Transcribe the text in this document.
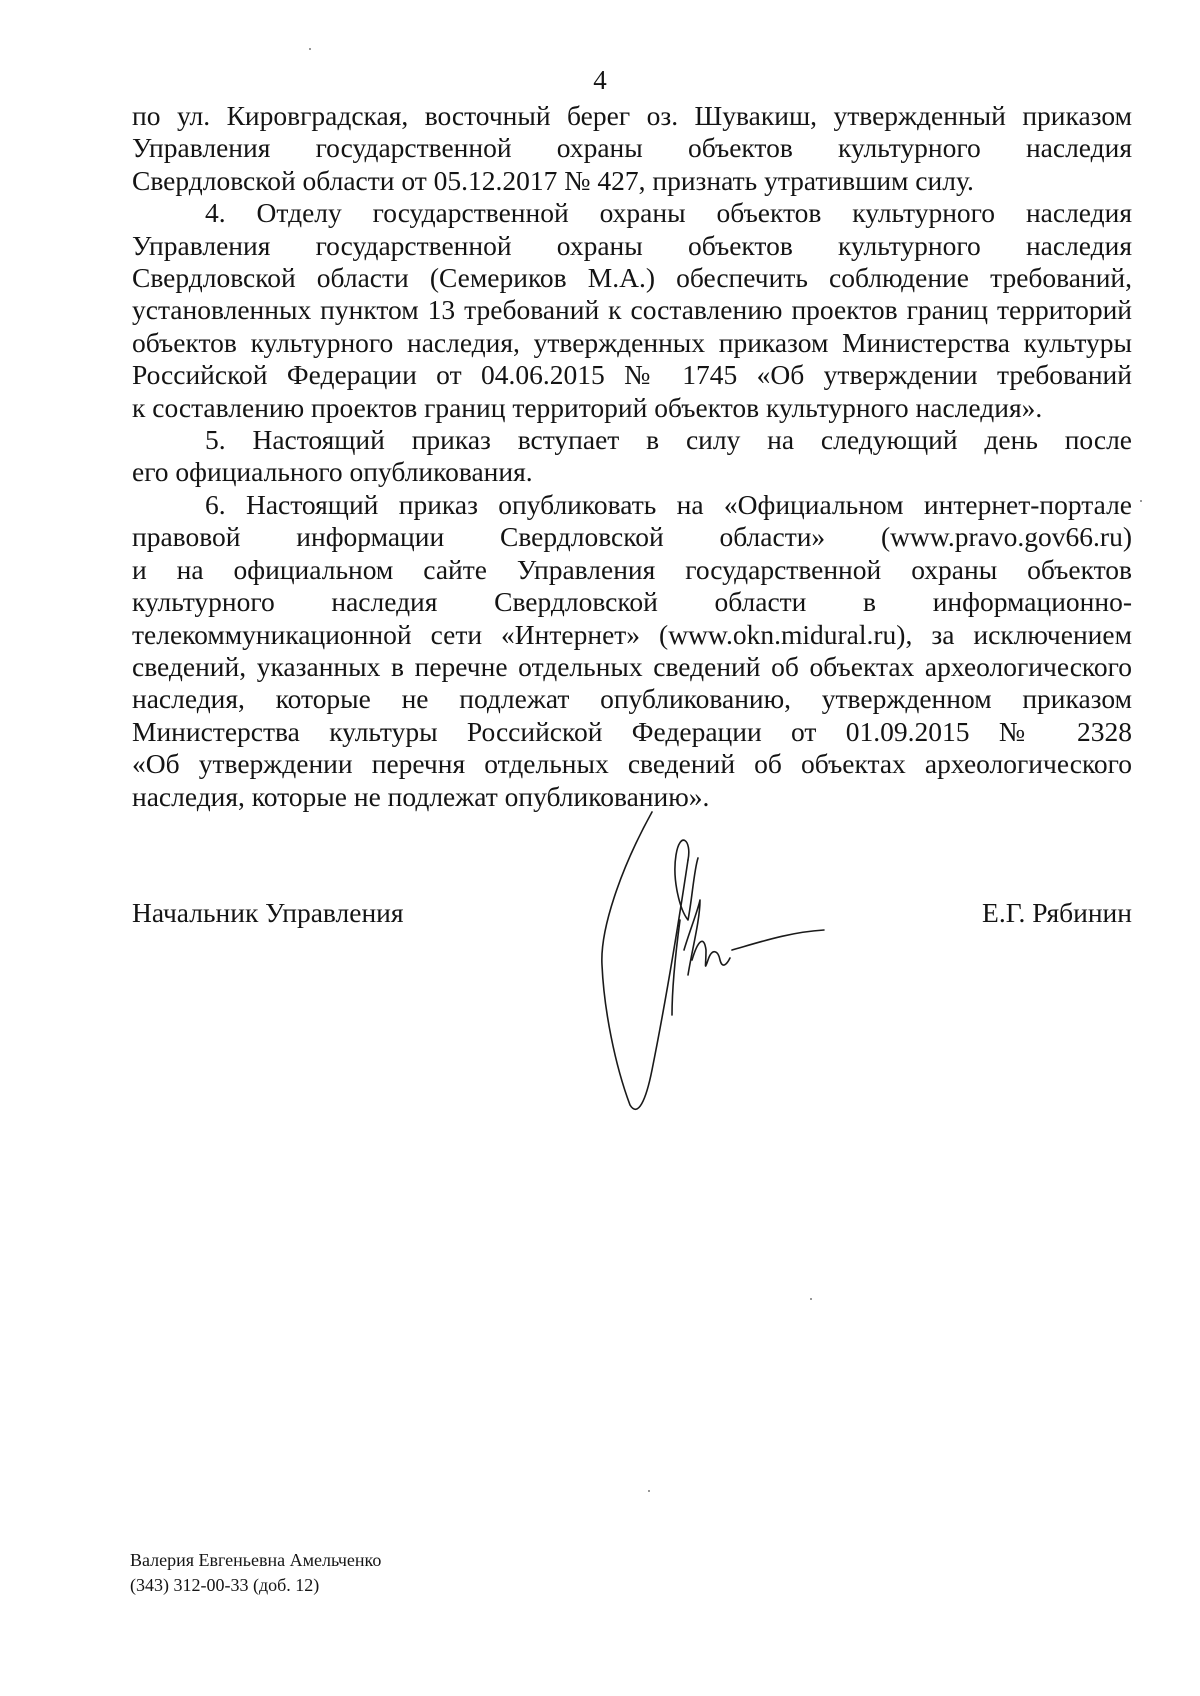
4

по ул. Кировградская, восточный берег оз. Шувакиш, утвержденный приказом
Управления государственной охраны объектов культурного наследия
Свердловской области от 05.12.2017 № 427, признать утратившим силу.

4. Отделу государственной охраны объектов культурного наследия
Управления государственной охраны объектов культурного наследия
Свердловской области (Семериков М.А.) обеспечить соблюдение требований,
установленных пунктом 13 требований к составлению проектов границ территорий
объектов культурного наследия, утвержденных приказом Министерства культуры
Российской Федерации от 04.06.2015 № 1745 «Об утверждении требований
к составлению проектов границ территорий объектов культурного наследия».

5. Настоящий приказ вступает в силу на следующий день после
его официального опубликования.

6. Настоящий приказ опубликовать на «Официальном интернет-портале
правовой информации Свердловской области» (www.pravo.gov66.ru)
и на официальном сайте Управления государственной охраны объектов
культурного наследия Свердловской области в информационно-
телекоммуникационной сети «Интернет» (www.okn.midural.ru), за исключением
сведений, указанных в перечне отдельных сведений об объектах археологического
наследия, которые не подлежат опубликованию, утвержденном приказом
Министерства культуры Российской Федерации от 01.09.2015 № 2328
«Об утверждении перечня отдельных сведений об объектах археологического
наследия, которые не подлежат опубликованию».

Начальник Управления	Е.Г. Рябинин
Валерия Евгеньевна Амельченко
(343) 312-00-33 (доб. 12)
